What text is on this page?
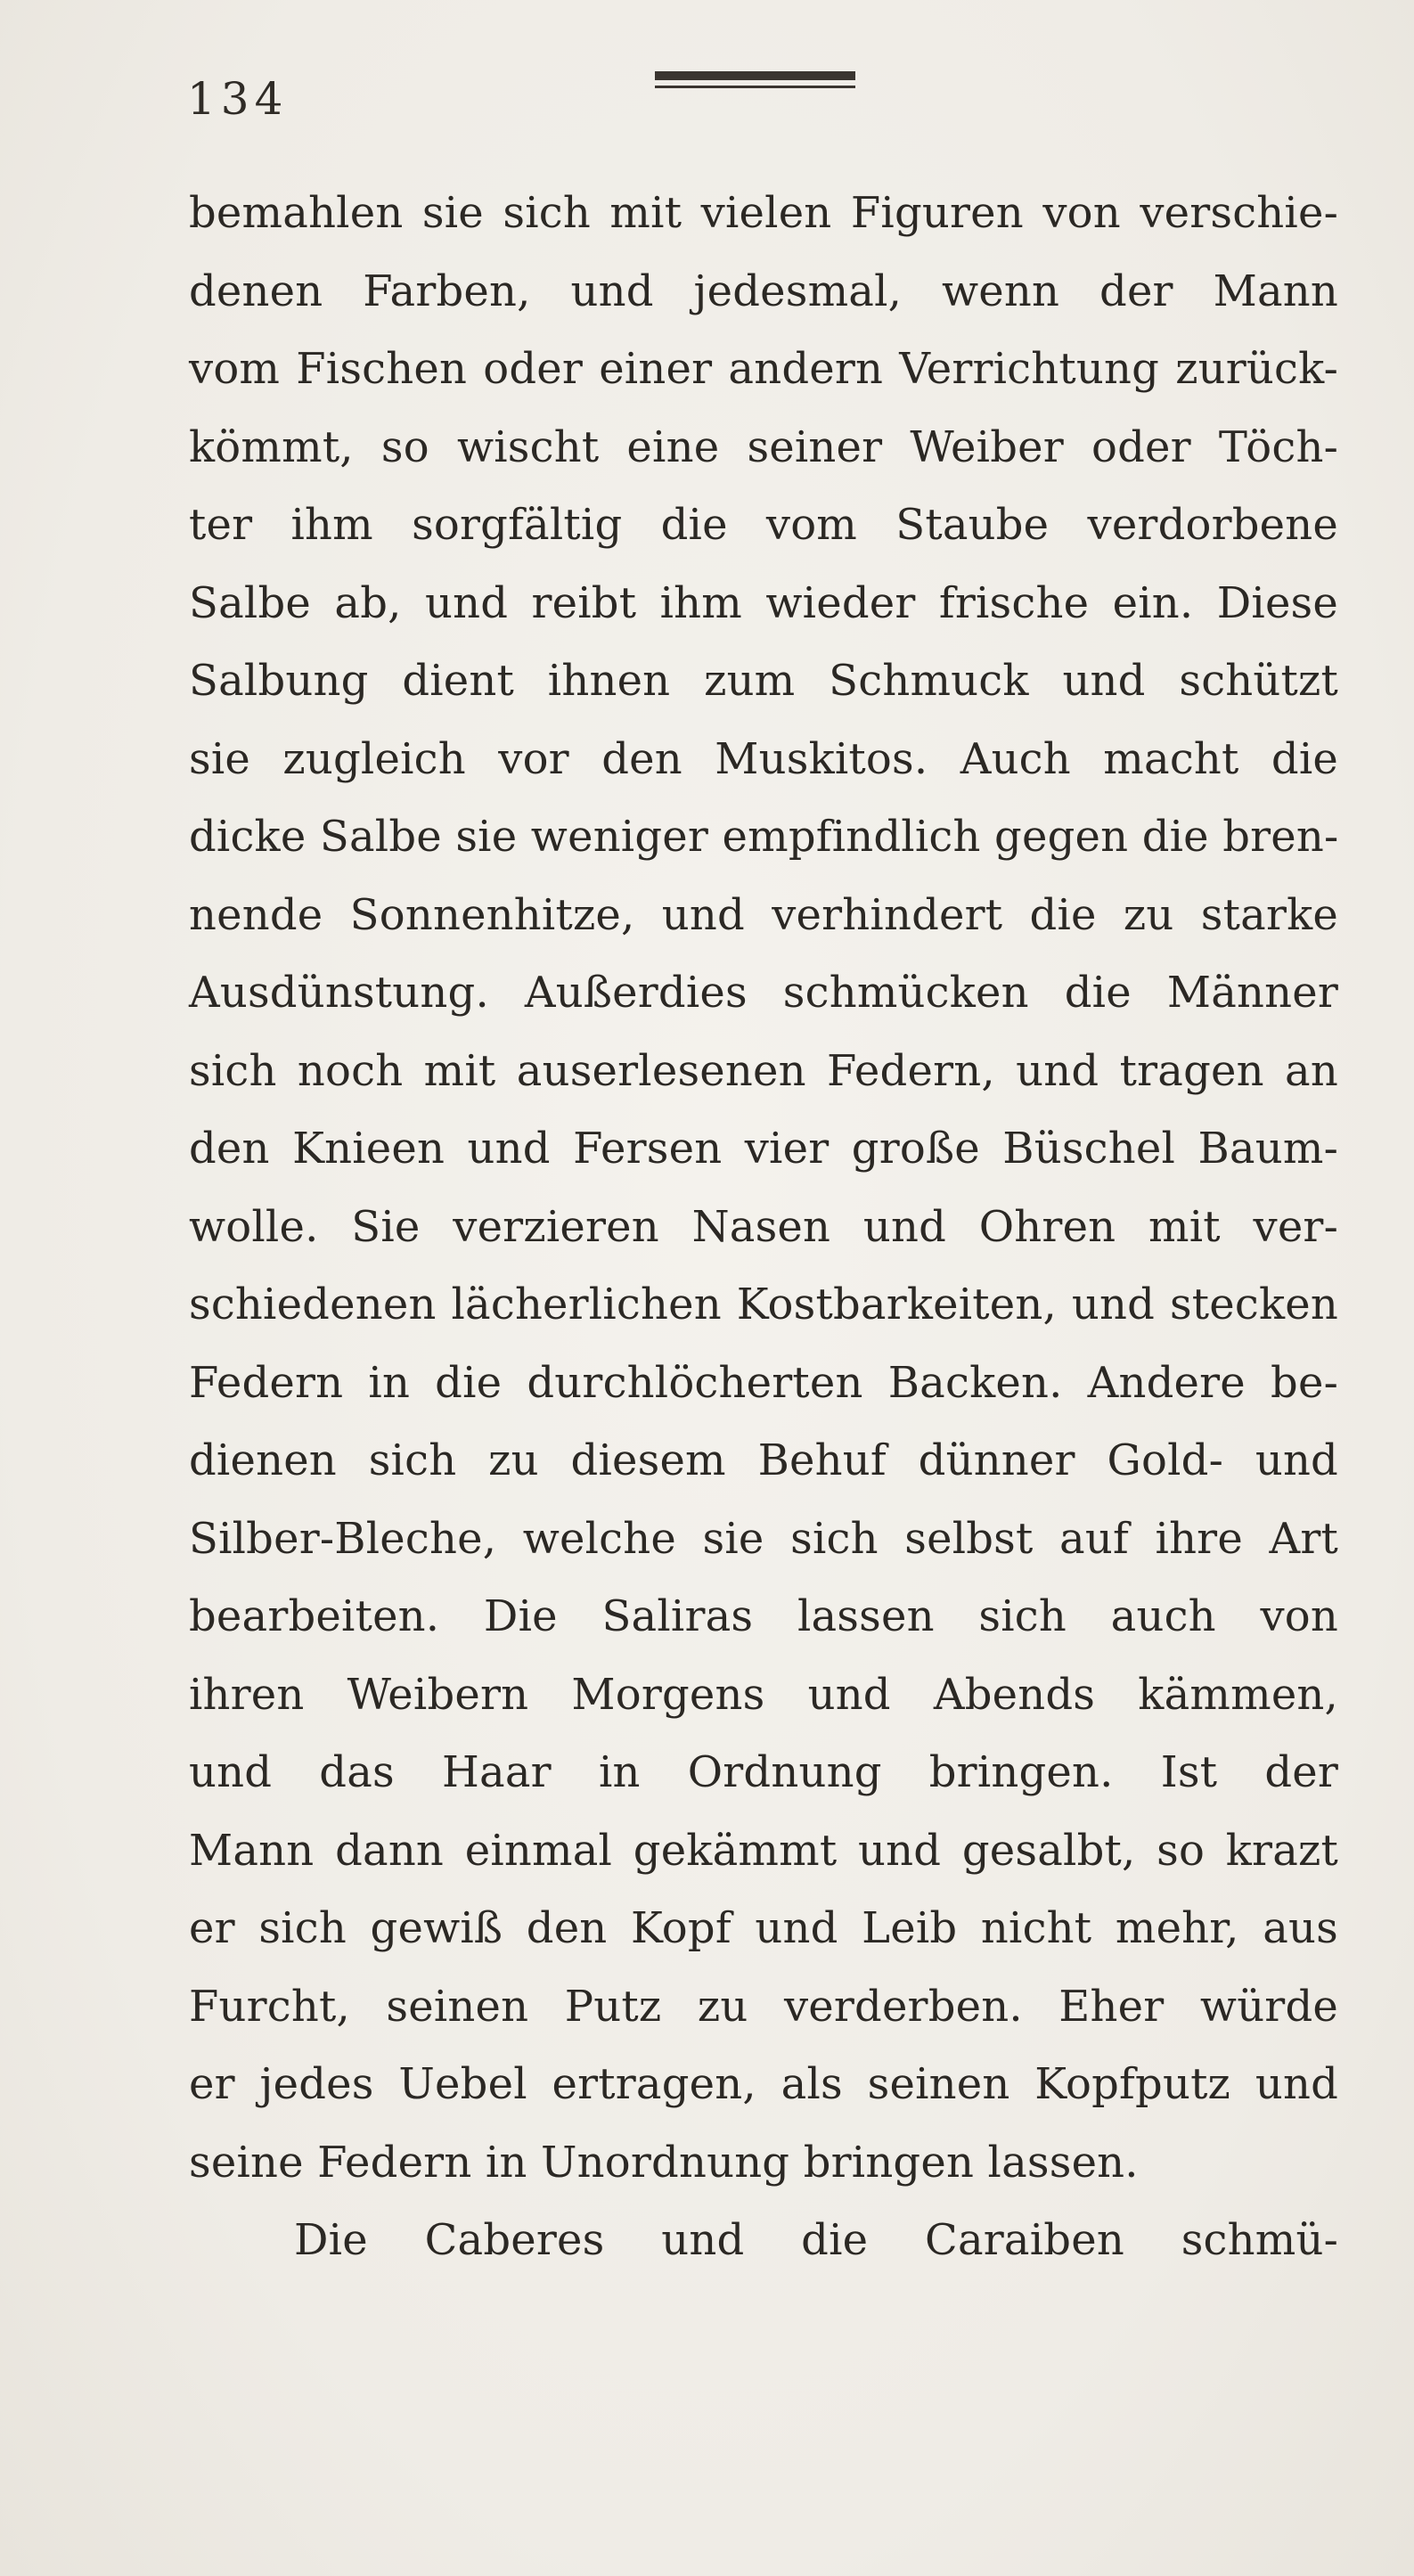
134
bemahlen sie sich mit vielen Figuren von verschie-
denen Farben, und jedesmal, wenn der Mann
vom Fischen oder einer andern Verrichtung zurück-
kömmt, so wischt eine seiner Weiber oder Töch-
ter ihm sorgfältig die vom Staube verdorbene
Salbe ab, und reibt ihm wieder frische ein. Diese
Salbung dient ihnen zum Schmuck und schützt
sie zugleich vor den Muskitos. Auch macht die
dicke Salbe sie weniger empfindlich gegen die bren-
nende Sonnenhitze, und verhindert die zu starke
Ausdünstung. Außerdies schmücken die Männer
sich noch mit auserlesenen Federn, und tragen an
den Knieen und Fersen vier große Büschel Baum-
wolle. Sie verzieren Nasen und Ohren mit ver-
schiedenen lächerlichen Kostbarkeiten, und stecken
Federn in die durchlöcherten Backen. Andere be-
dienen sich zu diesem Behuf dünner Gold- und
Silber-Bleche, welche sie sich selbst auf ihre Art
bearbeiten. Die Saliras lassen sich auch von
ihren Weibern Morgens und Abends kämmen,
und das Haar in Ordnung bringen. Ist der
Mann dann einmal gekämmt und gesalbt, so krazt
er sich gewiß den Kopf und Leib nicht mehr, aus
Furcht, seinen Putz zu verderben. Eher würde
er jedes Uebel ertragen, als seinen Kopfputz und
seine Federn in Unordnung bringen lassen.
Die Caberes und die Caraiben schmü-
